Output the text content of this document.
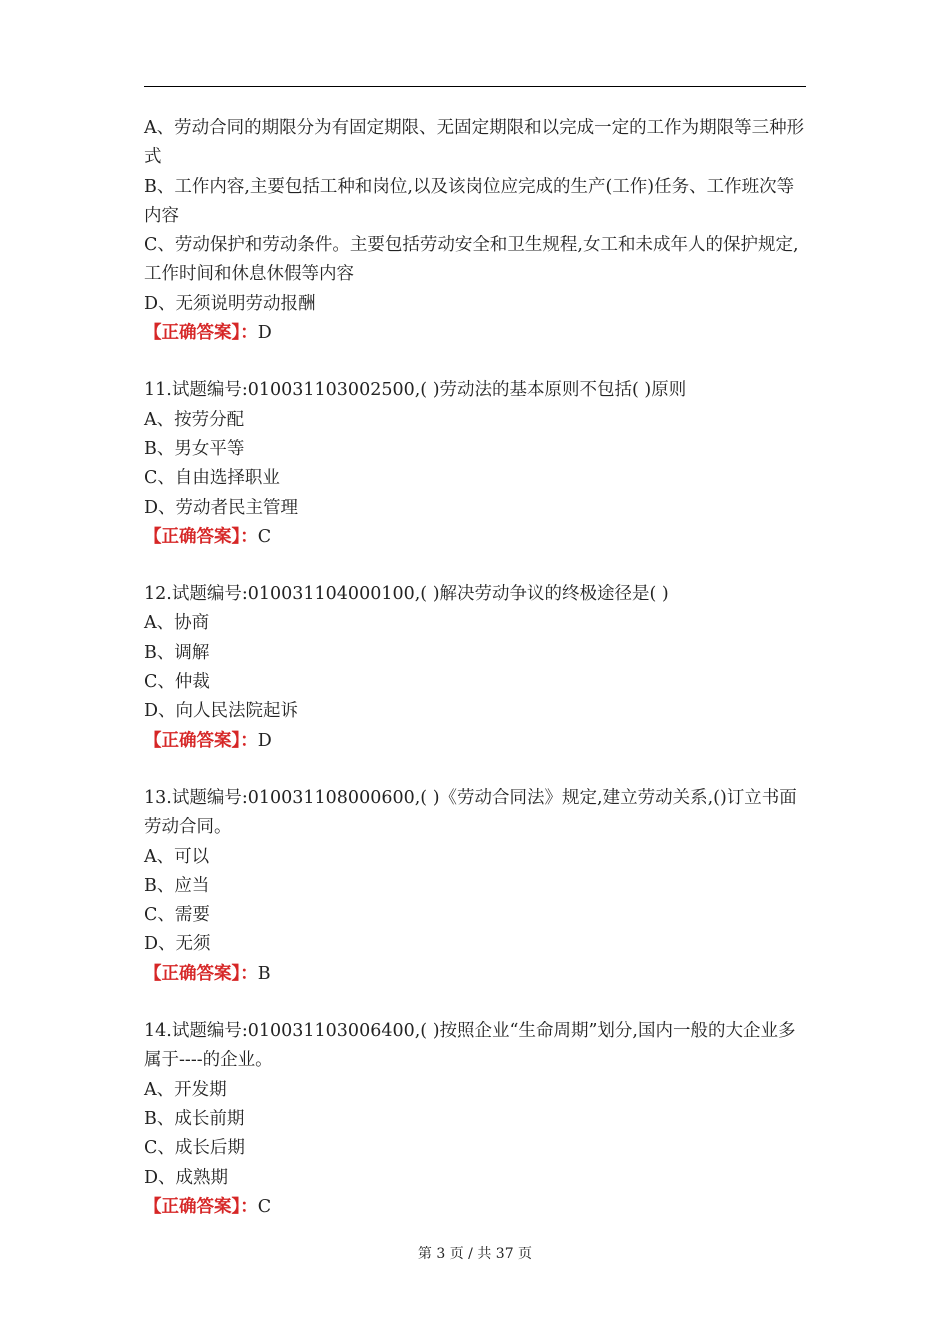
A、劳动合同的期限分为有固定期限、无固定期限和以完成一定的工作为期限等三种形式
B、工作内容,主要包括工种和岗位,以及该岗位应完成的生产(工作)任务、工作班次等内容
C、劳动保护和劳动条件。主要包括劳动安全和卫生规程,女工和未成年人的保护规定,工作时间和休息休假等内容
D、无须说明劳动报酬
【正确答案】：D
11.试题编号:010031103002500,( )劳动法的基本原则不包括( )原则
A、按劳分配
B、男女平等
C、自由选择职业
D、劳动者民主管理
【正确答案】：C
12.试题编号:010031104000100,( )解决劳动争议的终极途径是( )
A、协商
B、调解
C、仲裁
D、向人民法院起诉
【正确答案】：D
13.试题编号:010031108000600,( )《劳动合同法》规定,建立劳动关系,()订立书面劳动合同。
A、可以
B、应当
C、需要
D、无须
【正确答案】：B
14.试题编号:010031103006400,( )按照企业“生命周期”划分,国内一般的大企业多属于----的企业。
A、开发期
B、成长前期
C、成长后期
D、成熟期
【正确答案】：C
第 3 页 / 共 37 页
